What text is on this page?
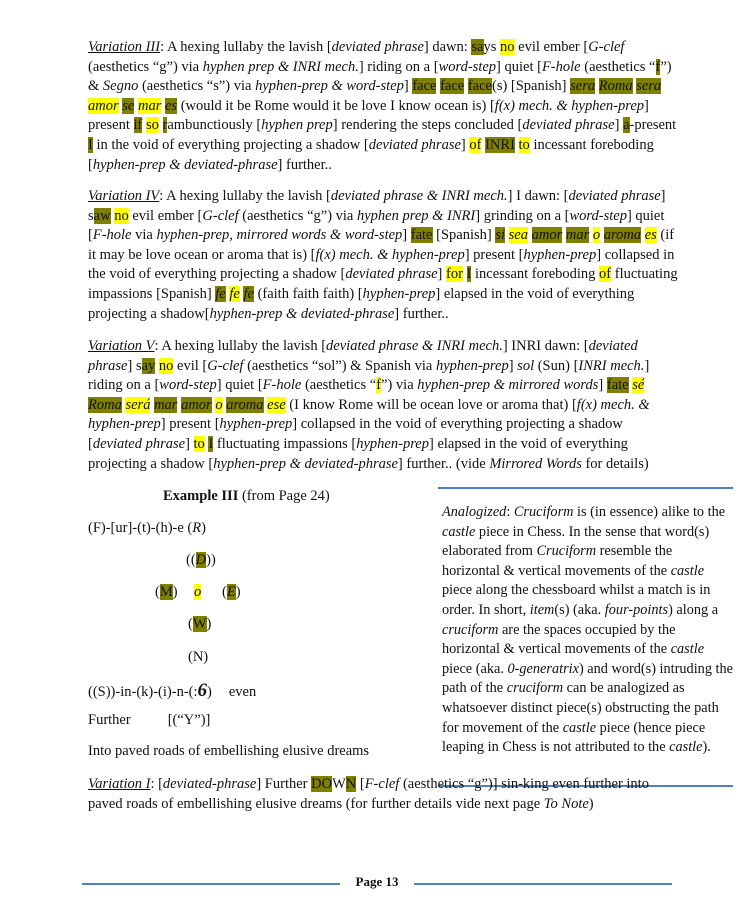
Variation III: A hexing lullaby the lavish [deviated phrase] dawn: says no evil ember [G-clef (aesthetics “g”) via hyphen prep & INRI mech.] riding on a [word-step] quiet [F-hole (aesthetics “f”) & Segno (aesthetics “s”) via hyphen-prep & word-step] face face face(s) [Spanish] sera Roma sera amor se mar es (would it be Rome would it be love I know ocean is) [f(x) mech. & hyphen-prep] present if so rambunctiously [hyphen prep] rendering the steps concluded [deviated phrase] a-present I in the void of everything projecting a shadow [deviated phrase] of INRI to incessant foreboding [hyphen-prep & deviated-phrase] further..

Variation IV: A hexing lullaby the lavish [deviated phrase & INRI mech.] I dawn: [deviated phrase] saw no evil ember [G-clef (aesthetics “g”) via hyphen prep & INRI] grinding on a [word-step] quiet [F-hole via hyphen-prep, mirrored words & word-step] fate [Spanish] si sea amor mar o aroma es (if it may be love ocean or aroma that is) [f(x) mech. & hyphen-prep] present [hyphen-prep] collapsed in the void of everything projecting a shadow [deviated phrase] for I incessant foreboding of fluctuating impassions [Spanish] fe fe fe (faith faith faith) [hyphen-prep] elapsed in the void of everything projecting a shadow[hyphen-prep & deviated-phrase] further..

Variation V: A hexing lullaby the lavish [deviated phrase & INRI mech.] INRI dawn: [deviated phrase] say no evil [G-clef (aesthetics “sol”) & Spanish via hyphen-prep] sol (Sun) [INRI mech.] riding on a [word-step] quiet [F-hole (aesthetics “f”) via hyphen-prep & mirrored words] fate sé Roma será mar amor o aroma ese (I know Rome will be ocean love or aroma that) [f(x) mech. & hyphen-prep] present [hyphen-prep] collapsed in the void of everything projecting a shadow [deviated phrase] to I fluctuating impassions [hyphen-prep] elapsed in the void of everything projecting a shadow [hyphen-prep & deviated-phrase] further.. (vide Mirrored Words for details)

Example III (from Page 24)
(F)-[ur]-(t)-(h)-e (R)
((D))
(M) o (E)
(W)
(N)
((S))-in-(k)-(i)-n-(:6) even
Further	[(“Y”)]
Into paved roads of embellishing elusive dreams

Analogized: Cruciform is (in essence) alike to the castle piece in Chess. In the sense that word(s) elaborated from Cruciform resemble the horizontal & vertical movements of the castle piece along the chessboard whilst a match is in order. In short, item(s) (aka. four-points) along a cruciform are the spaces occupied by the horizontal & vertical movements of the castle piece (aka. 0-generatrix) and word(s) intruding the path of the cruciform can be analogized as whatsoever distinct piece(s) obstructing the path for movement of the castle piece (hence piece leaping in Chess is not attributed to the castle).

Variation I: [deviated-phrase] Further DOWN [F-clef (aesthetics “g”)] sin-king even further into paved roads of embellishing elusive dreams (for further details vide next page To Note)

Page 13
